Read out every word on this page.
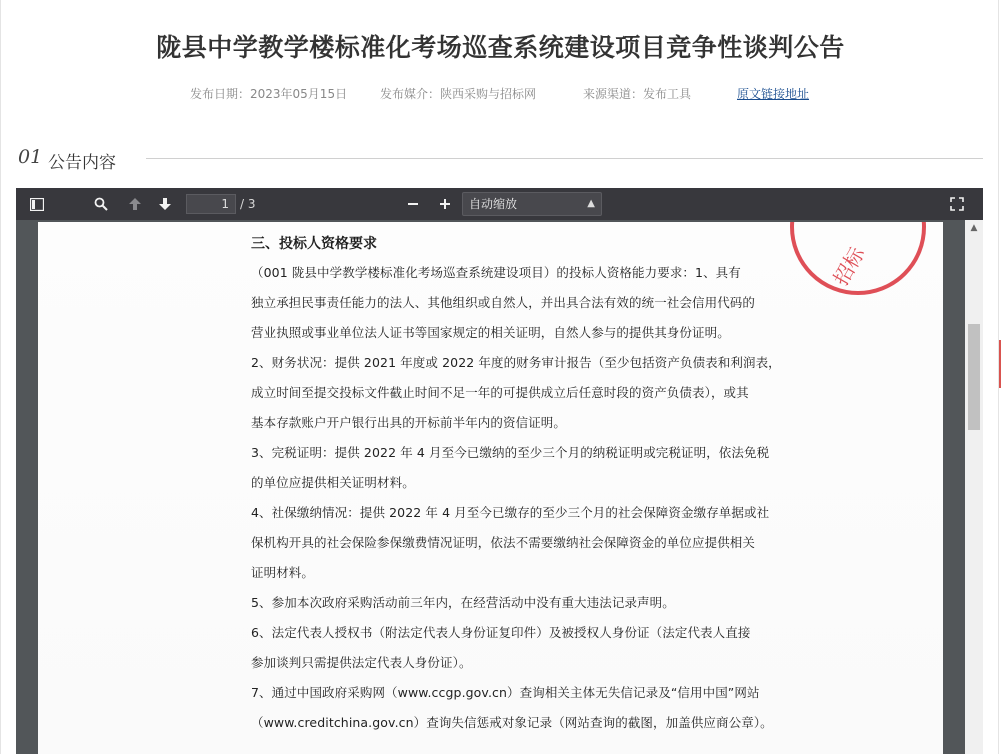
陇县中学教学楼标准化考场巡查系统建设项目竞争性谈判公告
发布日期：2023年05月15日	发布媒介：陕西采购与招标网	来源渠道：发布工具	原文链接地址
01 公告内容
1 / 3	自动缩放	▲

招标
三、投标人资格要求
（001 陇县中学教学楼标准化考场巡查系统建设项目）的投标人资格能力要求：1、具有
独立承担民事责任能力的法人、其他组织或自然人，并出具合法有效的统一社会信用代码的
营业执照或事业单位法人证书等国家规定的相关证明，自然人参与的提供其身份证明。
2、财务状况：提供 2021 年度或 2022 年度的财务审计报告（至少包括资产负债表和利润表，
成立时间至提交投标文件截止时间不足一年的可提供成立后任意时段的资产负债表），或其
基本存款账户开户银行出具的开标前半年内的资信证明。
3、完税证明：提供 2022 年 4 月至今已缴纳的至少三个月的纳税证明或完税证明，依法免税
的单位应提供相关证明材料。
4、社保缴纳情况：提供 2022 年 4 月至今已缴存的至少三个月的社会保障资金缴存单据或社
保机构开具的社会保险参保缴费情况证明，依法不需要缴纳社会保障资金的单位应提供相关
证明材料。
5、参加本次政府采购活动前三年内，在经营活动中没有重大违法记录声明。
6、法定代表人授权书（附法定代表人身份证复印件）及被授权人身份证（法定代表人直接
参加谈判只需提供法定代表人身份证）。
7、通过中国政府采购网（www.ccgp.gov.cn）查询相关主体无失信记录及“信用中国”网站
（www.creditchina.gov.cn）查询失信惩戒对象记录（网站查询的截图，加盖供应商公章）。
▲
